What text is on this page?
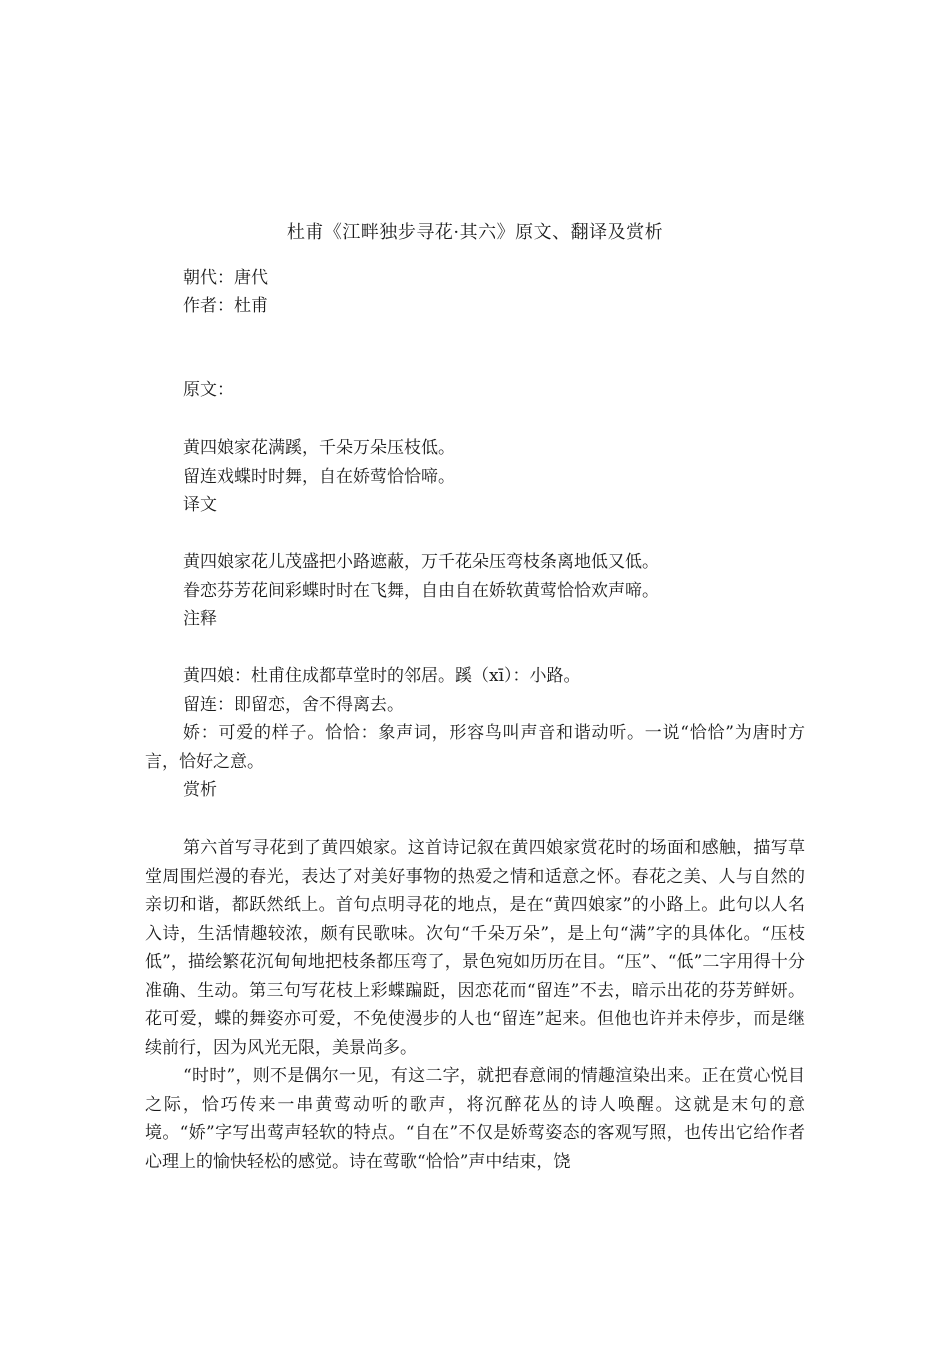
杜甫《江畔独步寻花·其六》原文、翻译及赏析
朝代：唐代
作者：杜甫
原文：
黄四娘家花满蹊，千朵万朵压枝低。
留连戏蝶时时舞，自在娇莺恰恰啼。
译文
黄四娘家花儿茂盛把小路遮蔽，万千花朵压弯枝条离地低又低。
眷恋芬芳花间彩蝶时时在飞舞，自由自在娇软黄莺恰恰欢声啼。
注释
黄四娘：杜甫住成都草堂时的邻居。蹊（xī）：小路。
留连：即留恋，舍不得离去。
娇：可爱的样子。恰恰：象声词，形容鸟叫声音和谐动听。一说“恰恰”为唐时方言，恰好之意。
赏析
第六首写寻花到了黄四娘家。这首诗记叙在黄四娘家赏花时的场面和感触，描写草堂周围烂漫的春光，表达了对美好事物的热爱之情和适意之怀。春花之美、人与自然的亲切和谐，都跃然纸上。首句点明寻花的地点，是在“黄四娘家”的小路上。此句以人名入诗，生活情趣较浓，颇有民歌味。次句“千朵万朵”，是上句“满”字的具体化。“压枝低”，描绘繁花沉甸甸地把枝条都压弯了，景色宛如历历在目。“压”、“低”二字用得十分准确、生动。第三句写花枝上彩蝶蹁跹，因恋花而“留连”不去，暗示出花的芬芳鲜妍。花可爱，蝶的舞姿亦可爱，不免使漫步的人也“留连”起来。但他也许并未停步，而是继续前行，因为风光无限，美景尚多。
“时时”，则不是偶尔一见，有这二字，就把春意闹的情趣渲染出来。正在赏心悦目之际，恰巧传来一串黄莺动听的歌声，将沉醉花丛的诗人唤醒。这就是末句的意境。“娇”字写出莺声轻软的特点。“自在”不仅是娇莺姿态的客观写照，也传出它给作者心理上的愉快轻松的感觉。诗在莺歌“恰恰”声中结束，饶
